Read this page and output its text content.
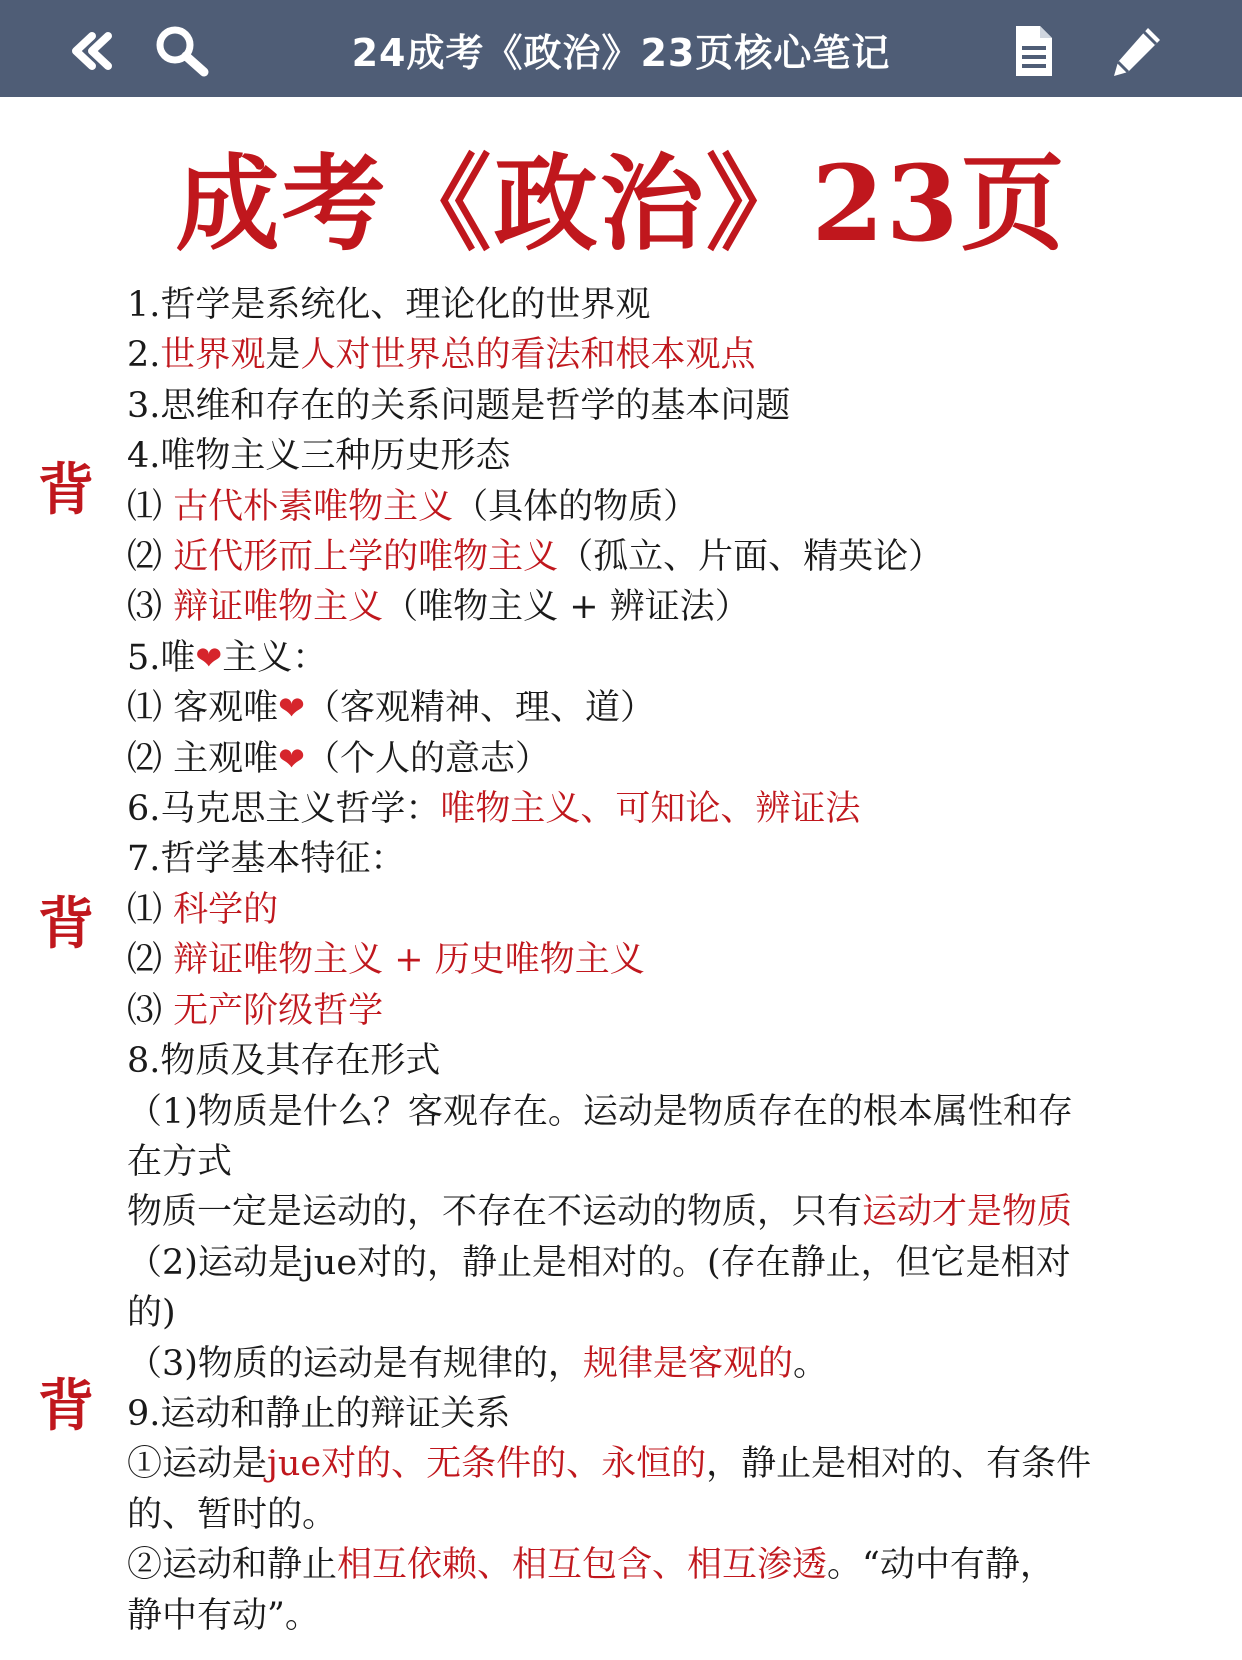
24成考《政治》23页核心笔记
成考《政治》23页
背
背
背
1.哲学是系统化、理论化的世界观
2.世界观是人对世界总的看法和根本观点
3.思维和存在的关系问题是哲学的基本问题
4.唯物主义三种历史形态
⑴ 古代朴素唯物主义（具体的物质）
⑵ 近代形而上学的唯物主义（孤立、片面、精英论）
⑶ 辩证唯物主义（唯物主义 + 辨证法）
5.唯❤主义：
⑴ 客观唯❤（客观精神、理、道）
⑵ 主观唯❤（个人的意志）
6.马克思主义哲学：唯物主义、可知论、辨证法
7.哲学基本特征：
⑴ 科学的
⑵ 辩证唯物主义 + 历史唯物主义
⑶ 无产阶级哲学
8.物质及其存在形式
（1)物质是什么？客观存在。运动是物质存在的根本属性和存
在方式
物质一定是运动的，不存在不运动的物质，只有运动才是物质
（2)运动是jue对的，静止是相对的。(存在静止，但它是相对
的)
（3)物质的运动是有规律的，规律是客观的。
9.运动和静止的辩证关系
①运动是jue对的、无条件的、永恒的，静止是相对的、有条件
的、暂时的。
②运动和静止相互依赖、相互包含、相互渗透。“动中有静，
静中有动”。
